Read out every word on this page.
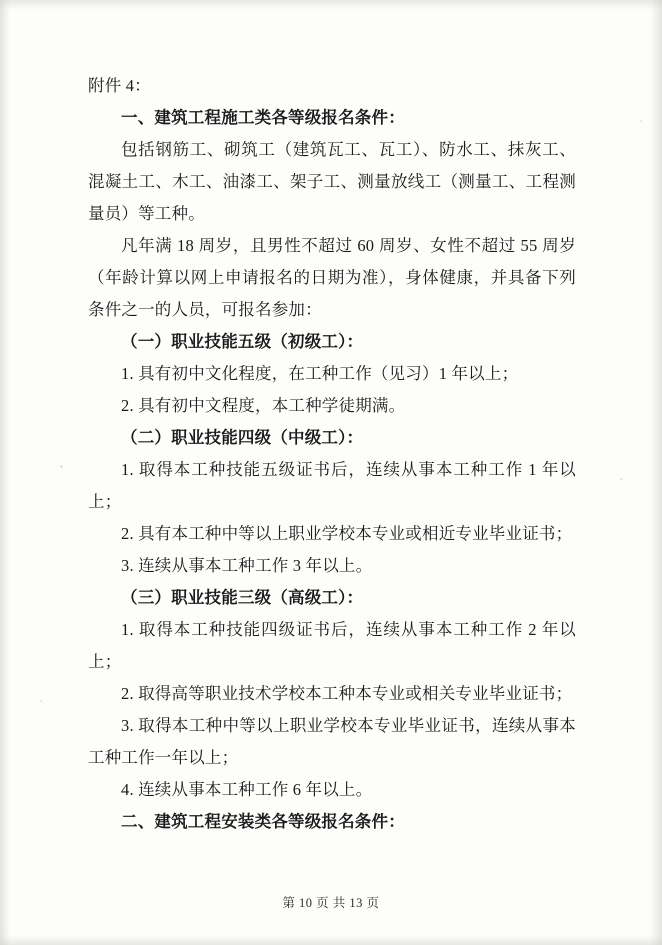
附件 4：

一、建筑工程施工类各等级报名条件：

包括钢筋工、砌筑工（建筑瓦工、瓦工）、防水工、抹灰工、混凝土工、木工、油漆工、架子工、测量放线工（测量工、工程测量员）等工种。

凡年满 18 周岁，且男性不超过 60 周岁、女性不超过 55 周岁（年龄计算以网上申请报名的日期为准），身体健康，并具备下列条件之一的人员，可报名参加：

（一）职业技能五级（初级工）：

1. 具有初中文化程度，在工种工作（见习）1 年以上；

2. 具有初中文程度，本工种学徒期满。

（二）职业技能四级（中级工）：

1. 取得本工种技能五级证书后，连续从事本工种工作 1 年以上；

2. 具有本工种中等以上职业学校本专业或相近专业毕业证书；

3. 连续从事本工种工作 3 年以上。

（三）职业技能三级（高级工）：

1. 取得本工种技能四级证书后，连续从事本工种工作 2 年以上；

2. 取得高等职业技术学校本工种本专业或相关专业毕业证书；

3. 取得本工种中等以上职业学校本专业毕业证书，连续从事本工种工作一年以上；

4. 连续从事本工种工作 6 年以上。

二、建筑工程安装类各等级报名条件：

第 10 页 共 13 页
